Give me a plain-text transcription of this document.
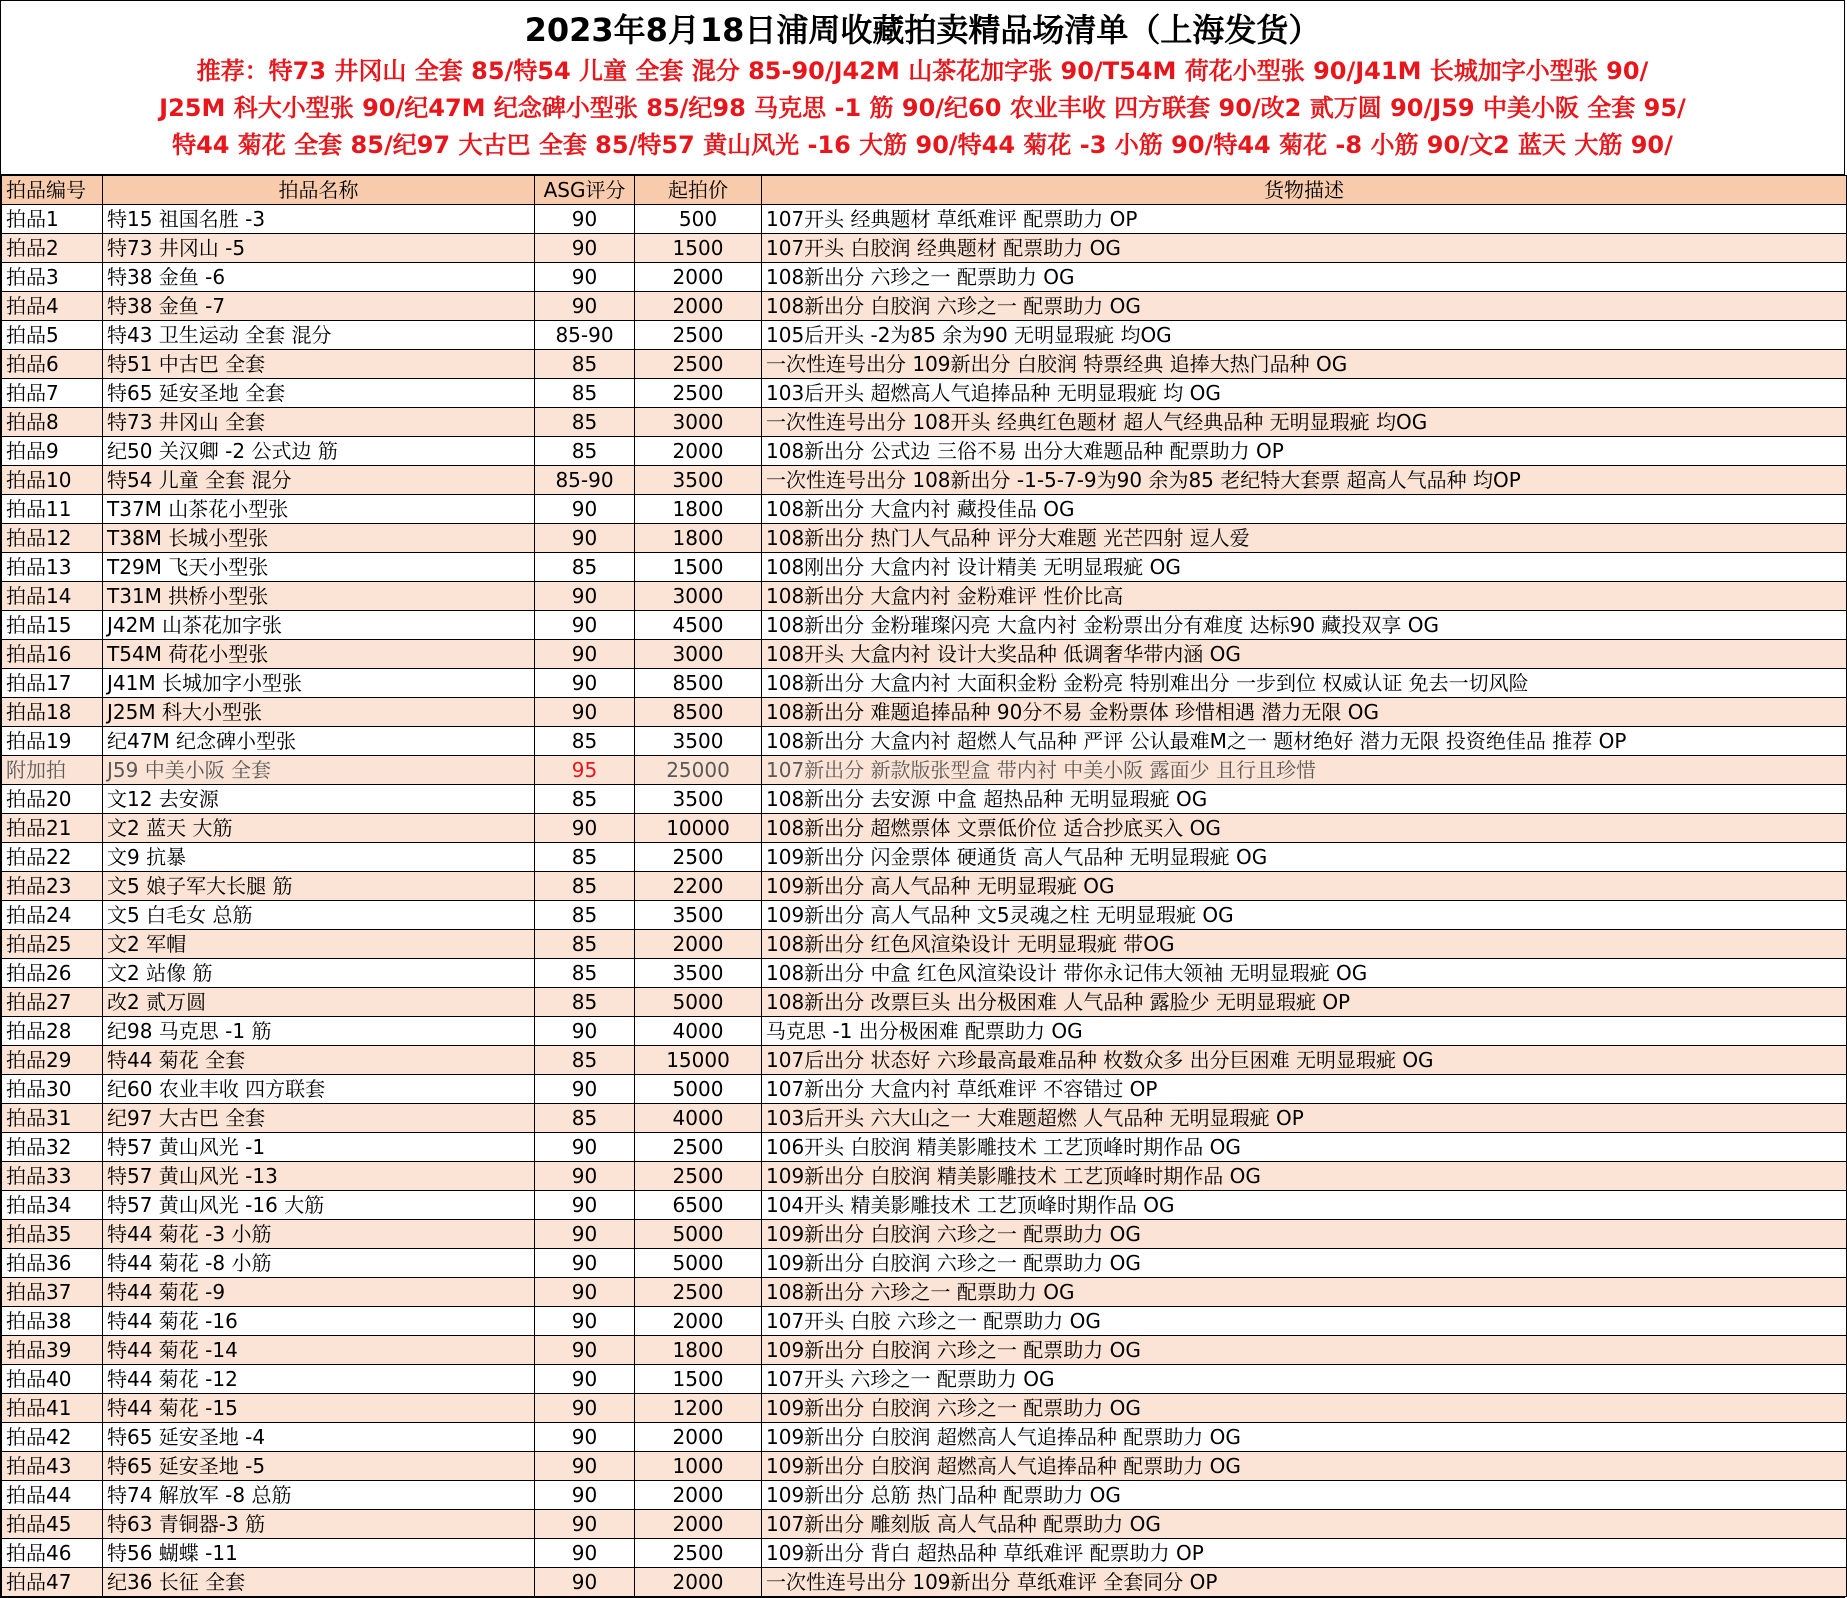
2023年8月18日浦周收藏拍卖精品场清单（上海发货）
推荐：特73 井冈山 全套 85/特54 儿童 全套 混分 85-90/J42M 山茶花加字张 90/T54M 荷花小型张 90/J41M 长城加字小型张 90/
J25M 科大小型张 90/纪47M 纪念碑小型张 85/纪98 马克思 -1 筋 90/纪60 农业丰收 四方联套 90/改2 贰万圆 90/J59 中美小阪 全套 95/
特44 菊花 全套 85/纪97 大古巴 全套 85/特57 黄山风光 -16 大筋 90/特44 菊花 -3 小筋 90/特44 菊花 -8 小筋 90/文2 蓝天 大筋 90/
拍品编号	拍品名称	ASG评分	起拍价	货物描述
拍品1	特15 祖国名胜 -3	90	500	107开头 经典题材 草纸难评 配票助力 OP
拍品2	特73 井冈山 -5	90	1500	107开头 白胶润 经典题材 配票助力 OG
拍品3	特38 金鱼 -6	90	2000	108新出分 六珍之一 配票助力 OG
拍品4	特38 金鱼 -7	90	2000	108新出分 白胶润 六珍之一 配票助力 OG
拍品5	特43 卫生运动 全套 混分	85-90	2500	105后开头 -2为85 余为90 无明显瑕疵 均OG
拍品6	特51 中古巴 全套	85	2500	一次性连号出分 109新出分 白胶润 特票经典 追捧大热门品种 OG
拍品7	特65 延安圣地 全套	85	2500	103后开头 超燃高人气追捧品种 无明显瑕疵 均 OG
拍品8	特73 井冈山 全套	85	3000	一次性连号出分 108开头 经典红色题材 超人气经典品种 无明显瑕疵 均OG
拍品9	纪50 关汉卿 -2 公式边 筋	85	2000	108新出分 公式边 三俗不易 出分大难题品种 配票助力 OP
拍品10	特54 儿童 全套 混分	85-90	3500	一次性连号出分 108新出分 -1-5-7-9为90 余为85 老纪特大套票 超高人气品种 均OP
拍品11	T37M 山茶花小型张	90	1800	108新出分 大盒内衬 藏投佳品 OG
拍品12	T38M 长城小型张	90	1800	108新出分 热门人气品种 评分大难题 光芒四射 逗人爱
拍品13	T29M 飞天小型张	85	1500	108刚出分 大盒内衬 设计精美 无明显瑕疵 OG
拍品14	T31M 拱桥小型张	90	3000	108新出分 大盒内衬 金粉难评 性价比高
拍品15	J42M 山茶花加字张	90	4500	108新出分 金粉璀璨闪亮 大盒内衬 金粉票出分有难度 达标90 藏投双享 OG
拍品16	T54M 荷花小型张	90	3000	108开头 大盒内衬 设计大奖品种 低调奢华带内涵 OG
拍品17	J41M 长城加字小型张	90	8500	108新出分 大盒内衬 大面积金粉 金粉亮 特别难出分 一步到位 权威认证 免去一切风险
拍品18	J25M 科大小型张	90	8500	108新出分 难题追捧品种 90分不易 金粉票体 珍惜相遇 潜力无限 OG
拍品19	纪47M 纪念碑小型张	85	3500	108新出分 大盒内衬 超燃人气品种 严评 公认最难M之一 题材绝好 潜力无限 投资绝佳品 推荐 OP
附加拍	J59 中美小阪 全套	95	25000	107新出分 新款版张型盒 带内衬 中美小阪 露面少 且行且珍惜
拍品20	文12 去安源	85	3500	108新出分 去安源 中盒 超热品种 无明显瑕疵 OG
拍品21	文2 蓝天 大筋	90	10000	108新出分 超燃票体 文票低价位 适合抄底买入 OG
拍品22	文9 抗暴	85	2500	109新出分 闪金票体 硬通货 高人气品种 无明显瑕疵 OG
拍品23	文5 娘子军大长腿 筋	85	2200	109新出分 高人气品种 无明显瑕疵 OG
拍品24	文5 白毛女 总筋	85	3500	109新出分 高人气品种 文5灵魂之柱 无明显瑕疵 OG
拍品25	文2 军帽	85	2000	108新出分 红色风渲染设计 无明显瑕疵 带OG
拍品26	文2 站像 筋	85	3500	108新出分 中盒 红色风渲染设计 带你永记伟大领袖 无明显瑕疵 OG
拍品27	改2 贰万圆	85	5000	108新出分 改票巨头 出分极困难 人气品种 露脸少 无明显瑕疵 OP
拍品28	纪98 马克思 -1 筋	90	4000	马克思 -1 出分极困难 配票助力 OG
拍品29	特44 菊花 全套	85	15000	107后出分 状态好 六珍最高最难品种 枚数众多 出分巨困难 无明显瑕疵 OG
拍品30	纪60 农业丰收 四方联套	90	5000	107新出分 大盒内衬 草纸难评 不容错过 OP
拍品31	纪97 大古巴 全套	85	4000	103后开头 六大山之一 大难题超燃 人气品种 无明显瑕疵 OP
拍品32	特57 黄山风光 -1	90	2500	106开头 白胶润 精美影雕技术 工艺顶峰时期作品 OG
拍品33	特57 黄山风光 -13	90	2500	109新出分 白胶润 精美影雕技术 工艺顶峰时期作品 OG
拍品34	特57 黄山风光 -16 大筋	90	6500	104开头 精美影雕技术 工艺顶峰时期作品 OG
拍品35	特44 菊花 -3 小筋	90	5000	109新出分 白胶润 六珍之一 配票助力 OG
拍品36	特44 菊花 -8 小筋	90	5000	109新出分 白胶润 六珍之一 配票助力 OG
拍品37	特44 菊花 -9	90	2500	108新出分 六珍之一 配票助力 OG
拍品38	特44 菊花 -16	90	2000	107开头 白胶 六珍之一 配票助力 OG
拍品39	特44 菊花 -14	90	1800	109新出分 白胶润 六珍之一 配票助力 OG
拍品40	特44 菊花 -12	90	1500	107开头 六珍之一 配票助力 OG
拍品41	特44 菊花 -15	90	1200	109新出分 白胶润 六珍之一 配票助力 OG
拍品42	特65 延安圣地 -4	90	2000	109新出分 白胶润 超燃高人气追捧品种 配票助力 OG
拍品43	特65 延安圣地 -5	90	1000	109新出分 白胶润 超燃高人气追捧品种 配票助力 OG
拍品44	特74 解放军 -8 总筋	90	2000	109新出分 总筋 热门品种 配票助力 OG
拍品45	特63 青铜器-3 筋	90	2000	107新出分 雕刻版 高人气品种 配票助力 OG
拍品46	特56 蝴蝶 -11	90	2500	109新出分 背白 超热品种 草纸难评 配票助力 OP
拍品47	纪36 长征 全套	90	2000	一次性连号出分 109新出分 草纸难评 全套同分 OP
